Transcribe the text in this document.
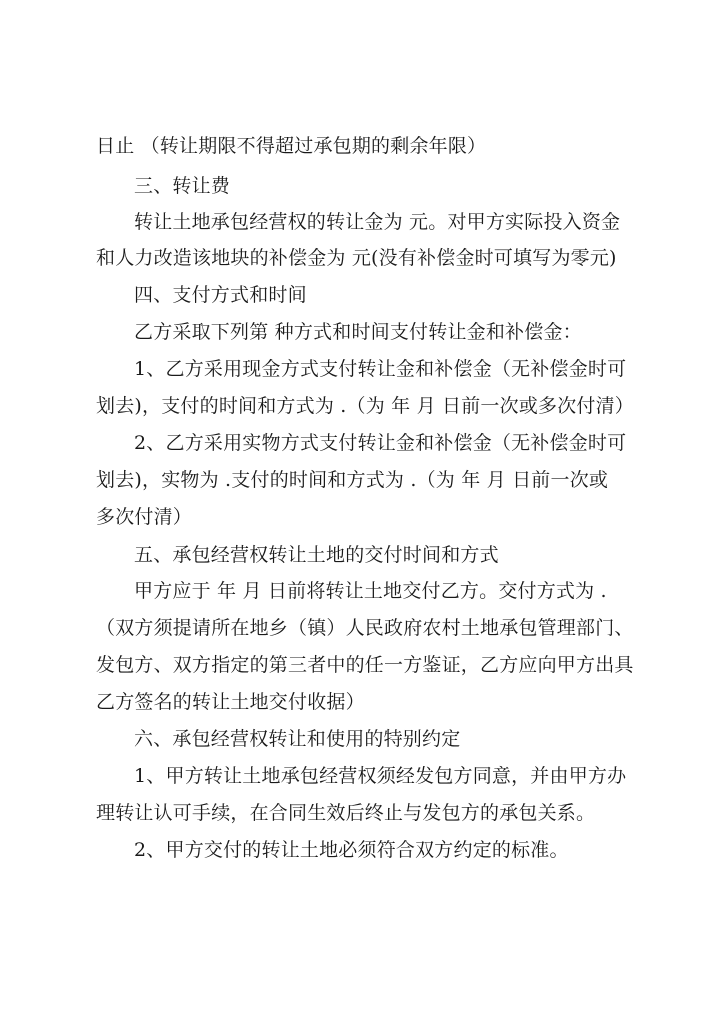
日止 （转让期限不得超过承包期的剩余年限）
三、转让费
转让土地承包经营权的转让金为 元。对甲方实际投入资金
和人力改造该地块的补偿金为 元(没有补偿金时可填写为零元)
四、支付方式和时间
乙方采取下列第 种方式和时间支付转让金和补偿金：
1、乙方采用现金方式支付转让金和补偿金（无补偿金时可
划去)，支付的时间和方式为 .（为 年 月 日前一次或多次付清）
2、乙方采用实物方式支付转让金和补偿金（无补偿金时可
划去)，实物为 .支付的时间和方式为 .（为 年 月 日前一次或
多次付清）
五、承包经营权转让土地的交付时间和方式
甲方应于 年 月 日前将转让土地交付乙方。交付方式为 .
（双方须提请所在地乡（镇）人民政府农村土地承包管理部门、
发包方、双方指定的第三者中的任一方鉴证，乙方应向甲方出具
乙方签名的转让土地交付收据）
六、承包经营权转让和使用的特别约定
1、甲方转让土地承包经营权须经发包方同意，并由甲方办
理转让认可手续，在合同生效后终止与发包方的承包关系。
2、甲方交付的转让土地必须符合双方约定的标准。
